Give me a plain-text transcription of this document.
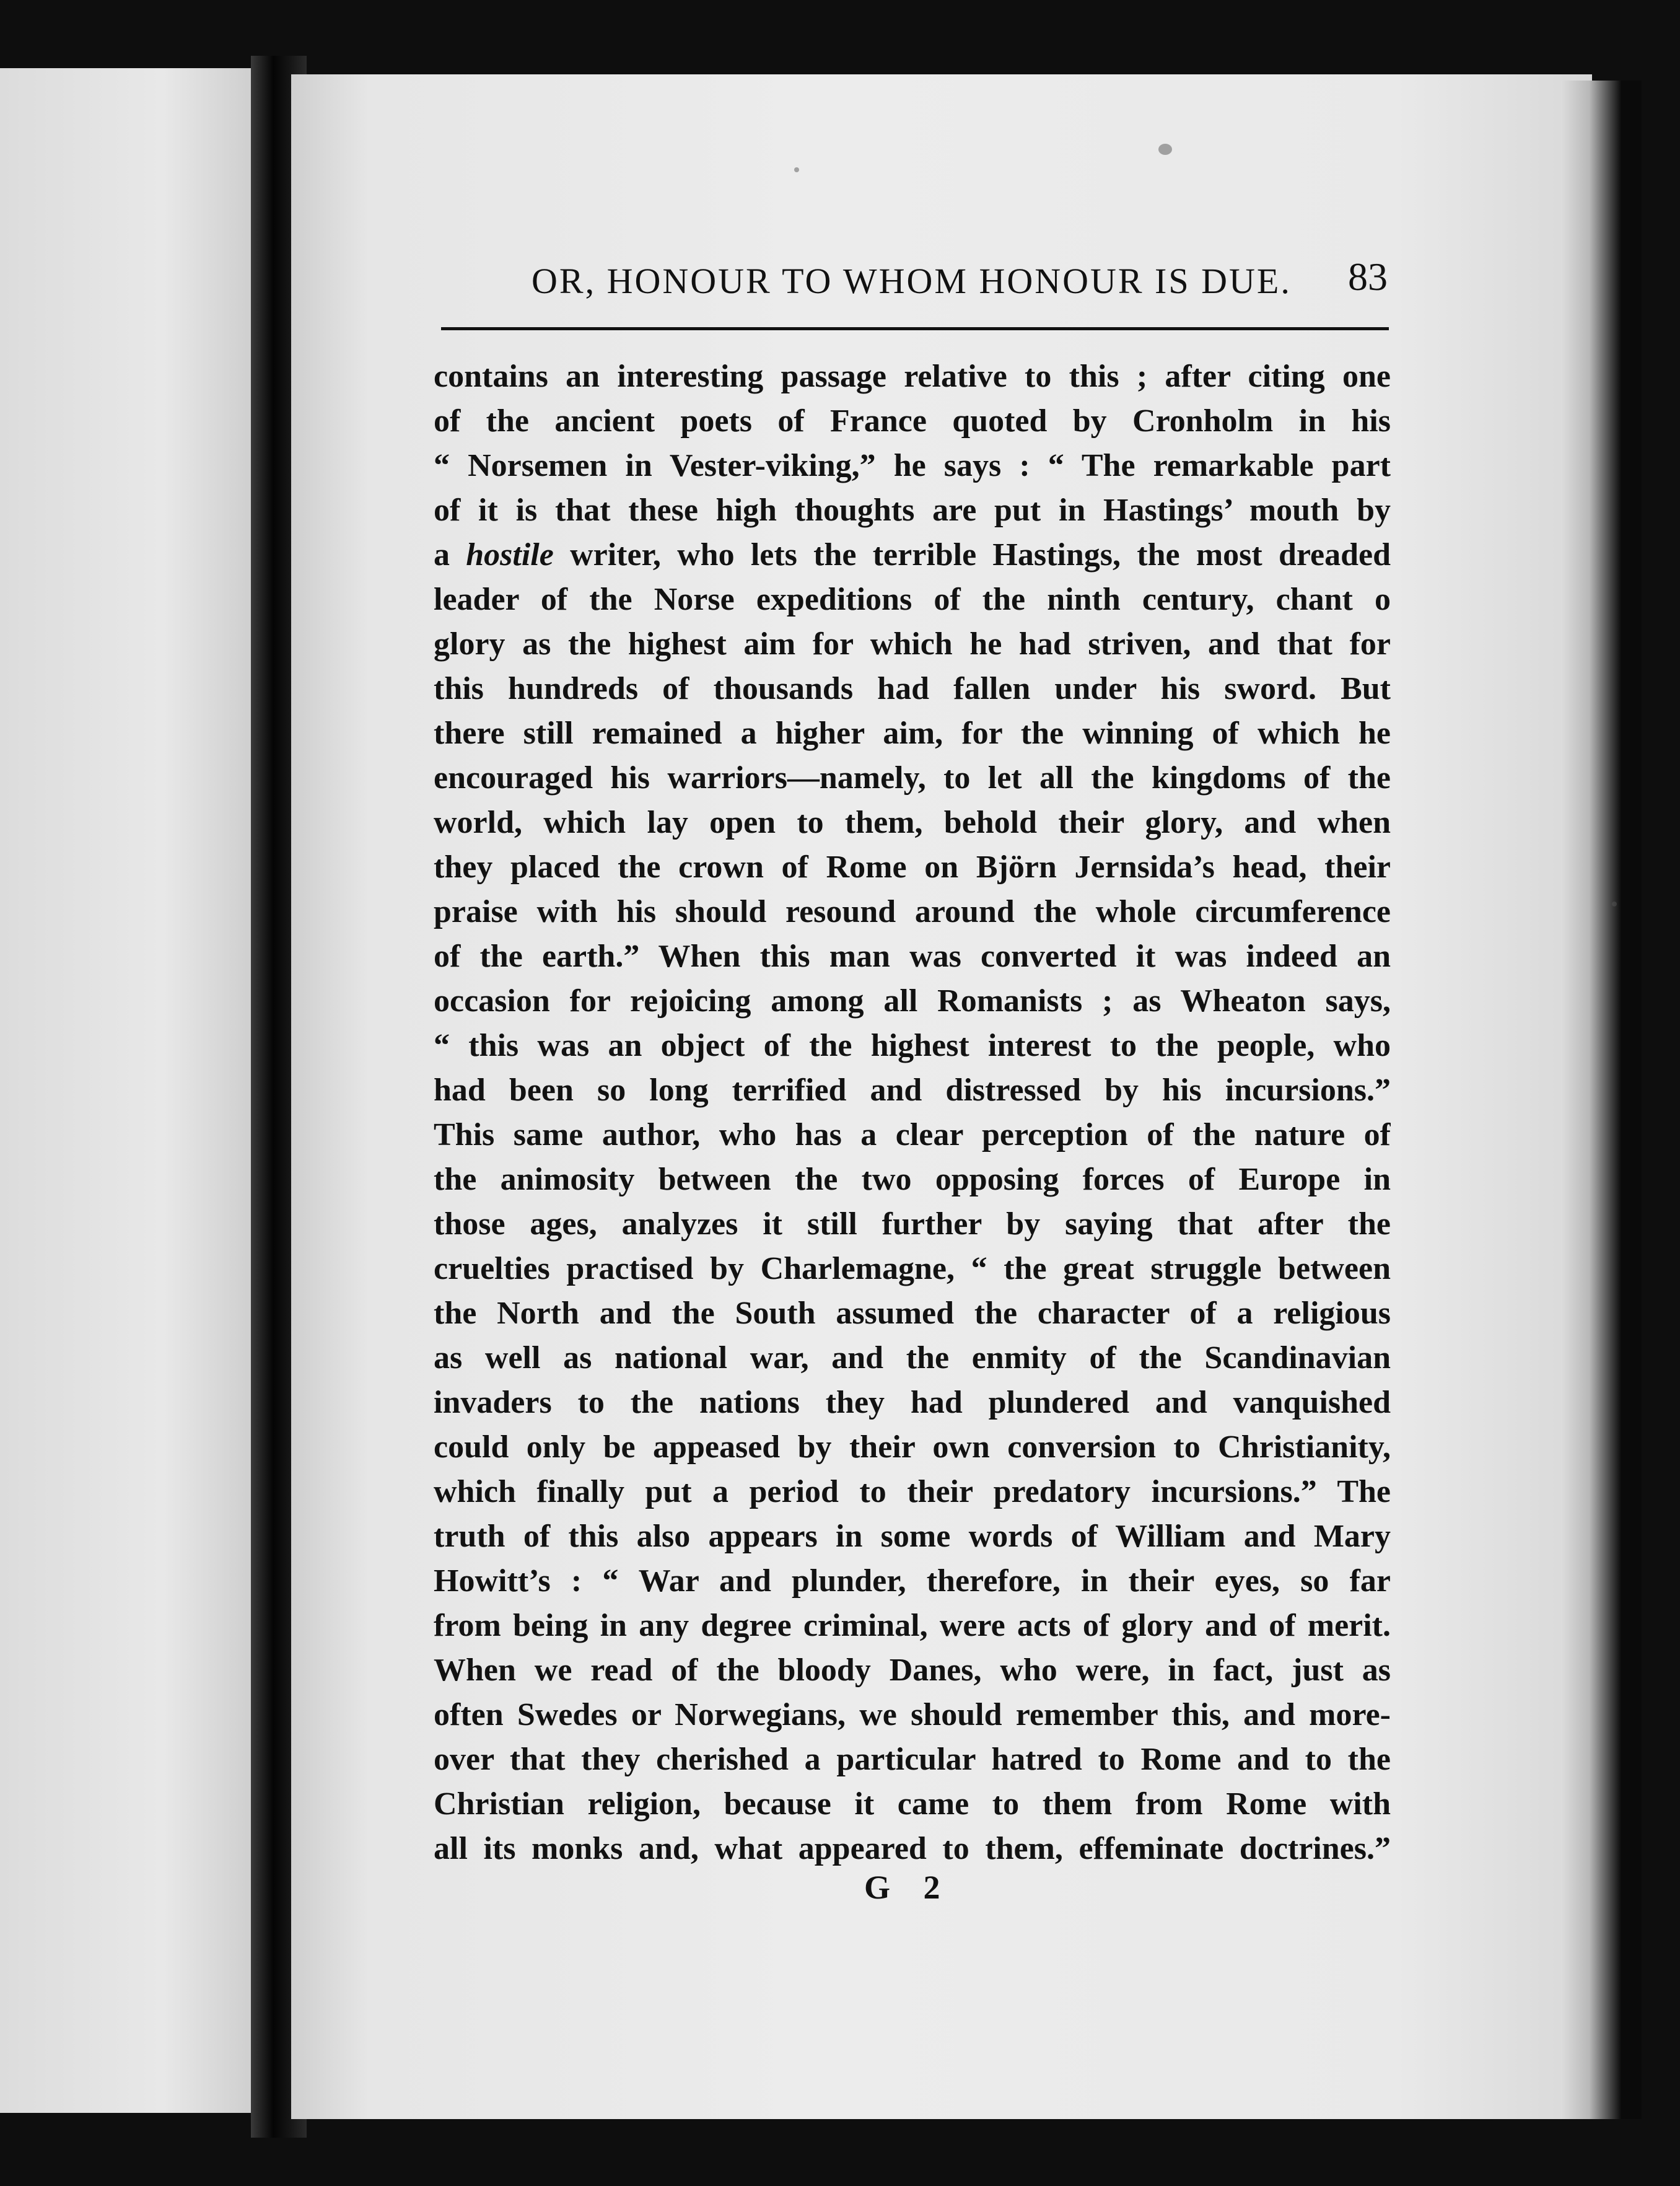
OR, HONOUR TO WHOM HONOUR IS DUE.	83
contains an interesting passage relative to this ; after citing one
of the ancient poets of France quoted by Cronholm in his
“ Norsemen in Vester-viking,” he says : “ The remarkable part
of it is that these high thoughts are put in Hastings’ mouth by
a hostile writer, who lets the terrible Hastings, the most dreaded
leader of the Norse expeditions of the ninth century, chant o
glory as the highest aim for which he had striven, and that for
this hundreds of thousands had fallen under his sword. But
there still remained a higher aim, for the winning of which he
encouraged his warriors—namely, to let all the kingdoms of the
world, which lay open to them, behold their glory, and when
they placed the crown of Rome on Björn Jernsida’s head, their
praise with his should resound around the whole circumference
of the earth.” When this man was converted it was indeed an
occasion for rejoicing among all Romanists ; as Wheaton says,
“ this was an object of the highest interest to the people, who
had been so long terrified and distressed by his incursions.”
This same author, who has a clear perception of the nature of
the animosity between the two opposing forces of Europe in
those ages, analyzes it still further by saying that after the
cruelties practised by Charlemagne, “ the great struggle between
the North and the South assumed the character of a religious
as well as national war, and the enmity of the Scandinavian
invaders to the nations they had plundered and vanquished
could only be appeased by their own conversion to Christianity,
which finally put a period to their predatory incursions.” The
truth of this also appears in some words of William and Mary
Howitt’s : “ War and plunder, therefore, in their eyes, so far
from being in any degree criminal, were acts of glory and of merit.
When we read of the bloody Danes, who were, in fact, just as
often Swedes or Norwegians, we should remember this, and more-
over that they cherished a particular hatred to Rome and to the
Christian religion, because it came to them from Rome with
all its monks and, what appeared to them, effeminate doctrines.”
G 2
